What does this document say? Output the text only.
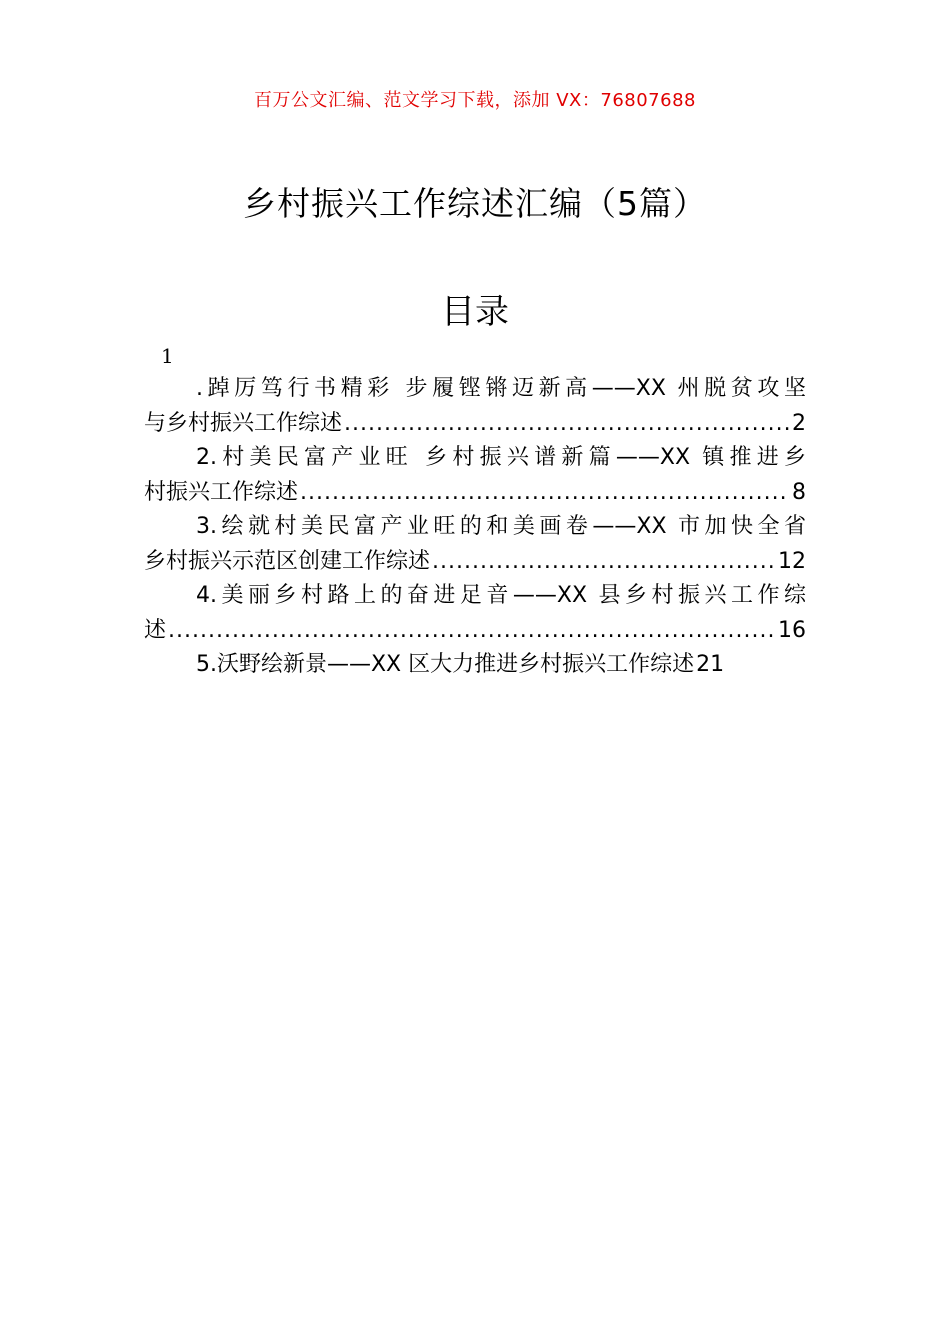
百万公文汇编、范文学习下载，添加 VX：76807688
乡村振兴工作综述汇编（5篇）
目录
1
.踔厉笃行书精彩 步履铿锵迈新高——XX 州脱贫攻坚
与乡村振兴工作综述 .....	2
2.村美民富产业旺 乡村振兴谱新篇——XX 镇推进乡
村振兴工作综述 .....	8
3.绘就村美民富产业旺的和美画卷——XX 市加快全省
乡村振兴示范区创建工作综述 .....	12
4.美丽乡村路上的奋进足音——XX 县乡村振兴工作综
述 .....	16
5.沃野绘新景——XX 区大力推进乡村振兴工作综述 21
